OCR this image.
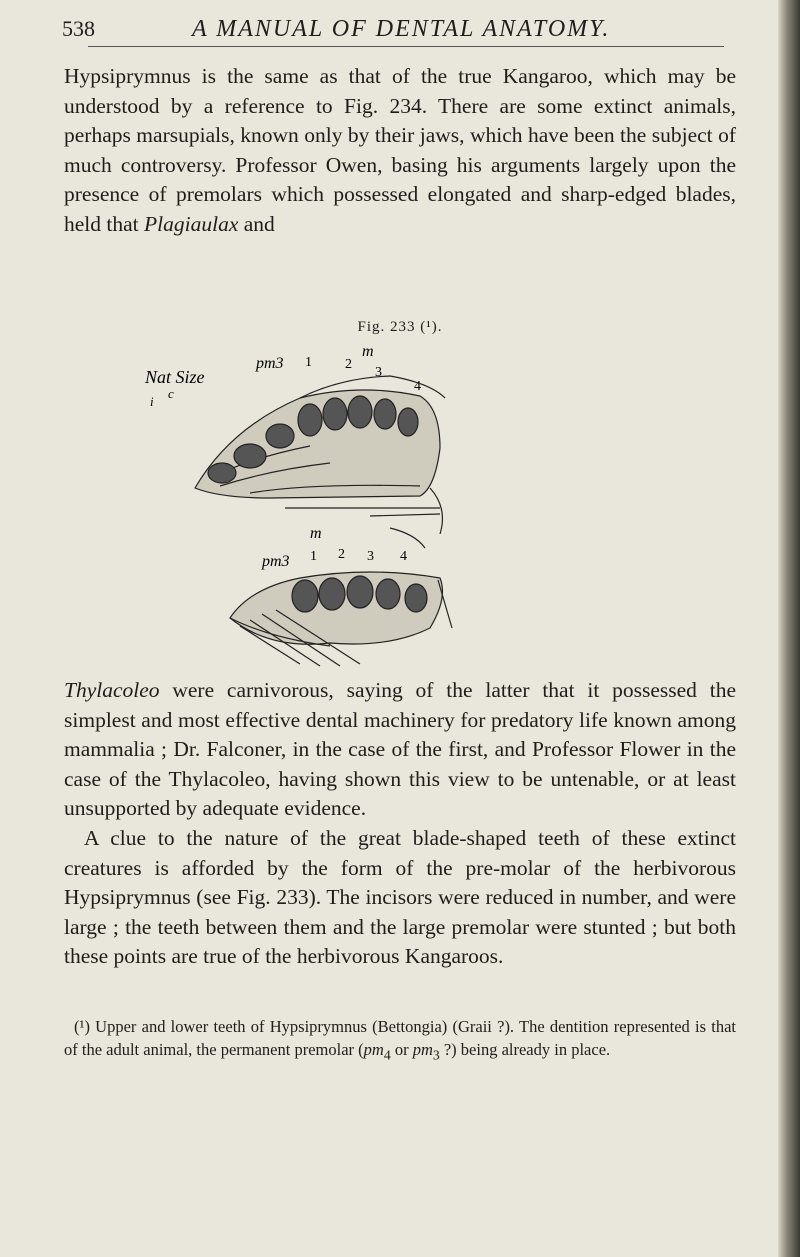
538	A MANUAL OF DENTAL ANATOMY.

Hypsiprymnus is the same as that of the true Kangaroo, which may be understood by a reference to Fig. 234. There are some extinct animals, perhaps marsupials, known only by their jaws, which have been the subject of much controversy. Professor Owen, basing his arguments largely upon the presence of premolars which possessed elongated and sharp-edged blades, held that Plagiaulax and

Fig. 233 (¹).
Nat Size
i
c
m
pm3 1 2
3
4
m
pm3 1 2 3 4

Thylacoleo were carnivorous, saying of the latter that it possessed the simplest and most effective dental machinery for predatory life known among mammalia ; Dr. Falconer, in the case of the first, and Professor Flower in the case of the Thylacoleo, having shown this view to be untenable, or at least unsupported by adequate evidence.

A clue to the nature of the great blade-shaped teeth of these extinct creatures is afforded by the form of the pre-molar of the herbivorous Hypsiprymnus (see Fig. 233). The incisors were reduced in number, and were large ; the teeth between them and the large premolar were stunted ; but both these points are true of the herbivorous Kangaroos.

(¹) Upper and lower teeth of Hypsiprymnus (Bettongia) (Graii ?). The dentition represented is that of the adult animal, the permanent premolar ($pm_4$ or $pm_3$ ?) being already in place.
